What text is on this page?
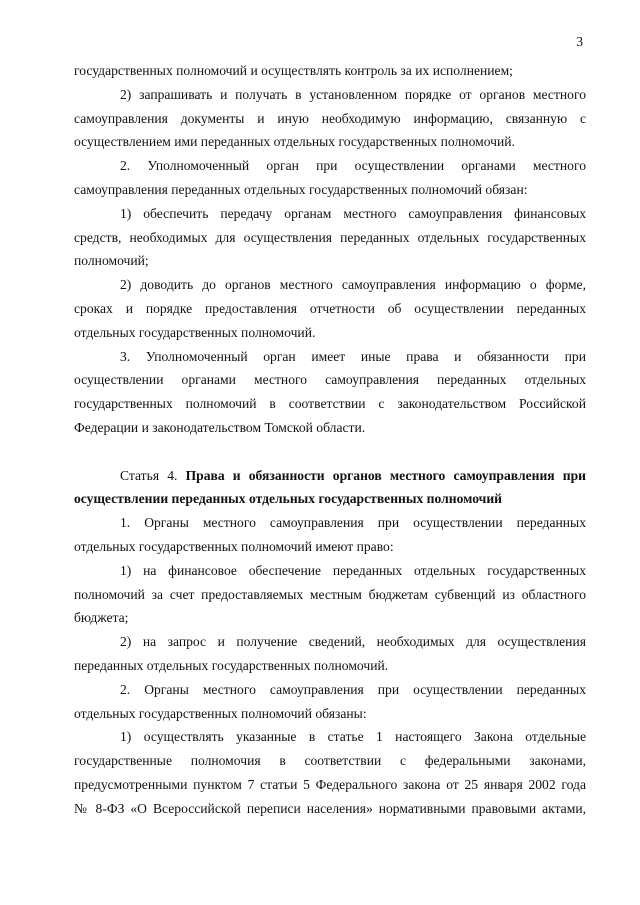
3
государственных полномочий и осуществлять контроль за их исполнением;
2) запрашивать и получать в установленном порядке от органов местного
самоуправления документы и иную необходимую информацию, связанную с
осуществлением ими переданных отдельных государственных полномочий.
2. Уполномоченный орган при осуществлении органами местного
самоуправления переданных отдельных государственных полномочий обязан:
1) обеспечить передачу органам местного самоуправления финансовых
средств, необходимых для осуществления переданных отдельных государственных
полномочий;
2) доводить до органов местного самоуправления информацию о форме,
сроках и порядке предоставления отчетности об осуществлении переданных
отдельных государственных полномочий.
3. Уполномоченный орган имеет иные права и обязанности при
осуществлении органами местного самоуправления переданных отдельных
государственных полномочий в соответствии с законодательством Российской
Федерации и законодательством Томской области.
Статья 4. Права и обязанности органов местного самоуправления при
осуществлении переданных отдельных государственных полномочий
1. Органы местного самоуправления при осуществлении переданных
отдельных государственных полномочий имеют право:
1) на финансовое обеспечение переданных отдельных государственных
полномочий за счет предоставляемых местным бюджетам субвенций из областного
бюджета;
2) на запрос и получение сведений, необходимых для осуществления
переданных отдельных государственных полномочий.
2. Органы местного самоуправления при осуществлении переданных
отдельных государственных полномочий обязаны:
1) осуществлять указанные в статье 1 настоящего Закона отдельные
государственные полномочия в соответствии с федеральными законами,
предусмотренными пунктом 7 статьи 5 Федерального закона от 25 января 2002 года
№ 8-ФЗ «О Всероссийской переписи населения» нормативными правовыми актами,
